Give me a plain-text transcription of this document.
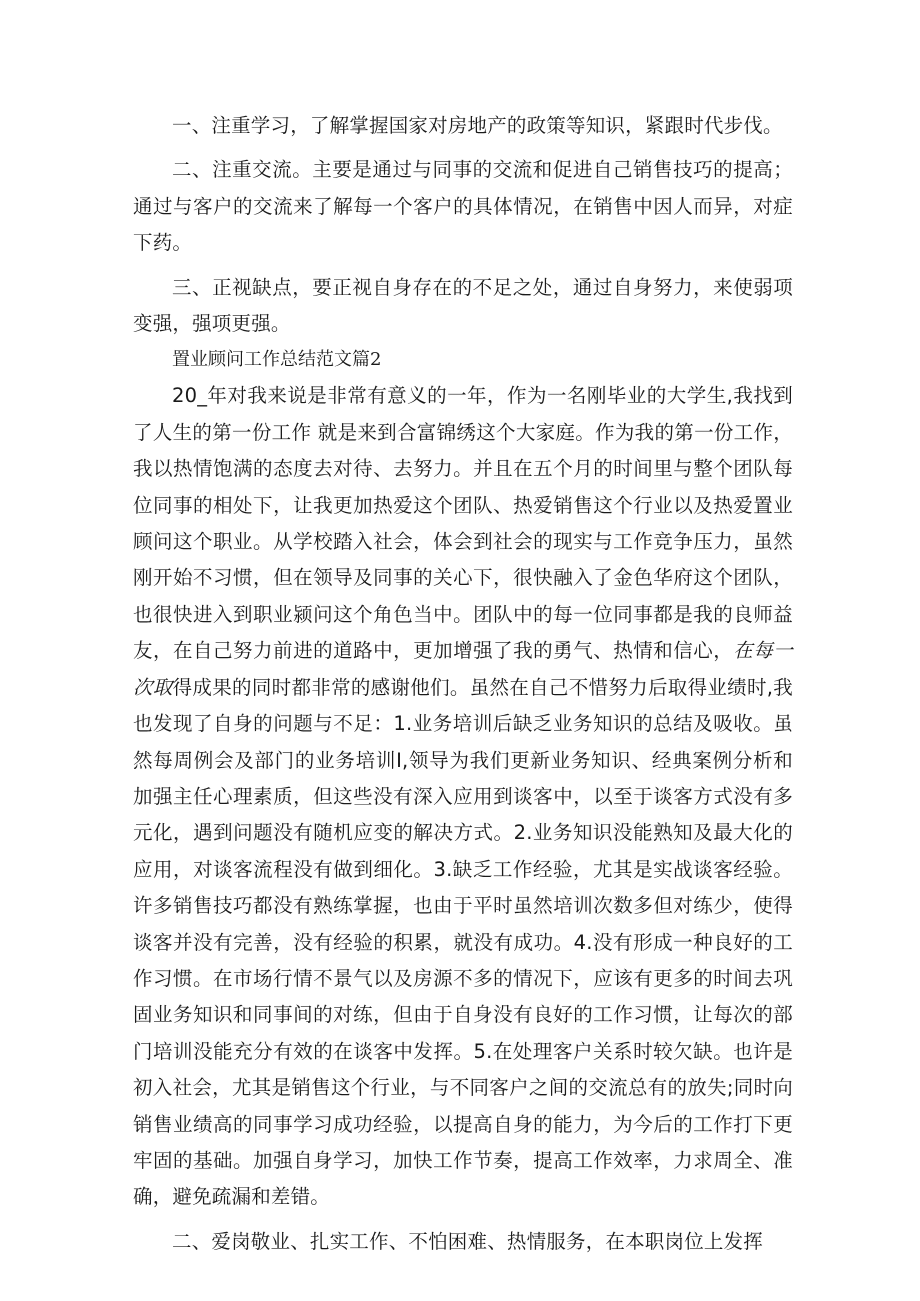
一、注重学习，了解掌握国家对房地产的政策等知识，紧跟时代步伐。

二、注重交流。主要是通过与同事的交流和促进自己销售技巧的提高；通过与客户的交流来了解每一个客户的具体情况，在销售中因人而异，对症下药。

三、正视缺点，要正视自身存在的不足之处，通过自身努力，来使弱项变强，强项更强。

置业顾问工作总结范文篇2

20_年对我来说是非常有意义的一年，作为一名刚毕业的大学生,我找到了人生的第一份工作 就是来到合富锦绣这个大家庭。作为我的第一份工作，我以热情饱满的态度去对待、去努力。并且在五个月的时间里与整个团队每位同事的相处下，让我更加热爱这个团队、热爱销售这个行业以及热爱置业顾问这个职业。从学校踏入社会，体会到社会的现实与工作竞争压力，虽然刚开始不习惯，但在领导及同事的关心下，很快融入了金色华府这个团队，也很快进入到职业颍问这个角色当中。团队中的每一位同事都是我的良师益友，在自己努力前进的道路中，更加增强了我的勇气、热情和信心，在每一次取得成果的同时都非常的感谢他们。虽然在自己不惜努力后取得业绩时,我也发现了自身的问题与不足：1.业务培训后缺乏业务知识的总结及吸收。虽然每周例会及部门的业务培训I,领导为我们更新业务知识、经典案例分析和加强主任心理素质，但这些没有深入应用到谈客中，以至于谈客方式没有多元化，遇到问题没有随机应变的解决方式。2.业务知识没能熟知及最大化的应用，对谈客流程没有做到细化。3.缺乏工作经验，尤其是实战谈客经验。许多销售技巧都没有熟练掌握，也由于平时虽然培训次数多但对练少，使得谈客并没有完善，没有经验的积累，就没有成功。4.没有形成一种良好的工作习惯。在市场行情不景气以及房源不多的情况下，应该有更多的时间去巩固业务知识和同事间的对练，但由于自身没有良好的工作习惯，让每次的部门培训没能充分有效的在谈客中发挥。5.在处理客户关系时较欠缺。也许是初入社会，尤其是销售这个行业，与不同客户之间的交流总有的放失;同时向销售业绩高的同事学习成功经验，以提高自身的能力，为今后的工作打下更牢固的基础。加强自身学习，加快工作节奏，提高工作效率，力求周全、准确，避免疏漏和差错。

二、爱岗敬业、扎实工作、不怕困难、热情服务，在本职岗位上发挥
